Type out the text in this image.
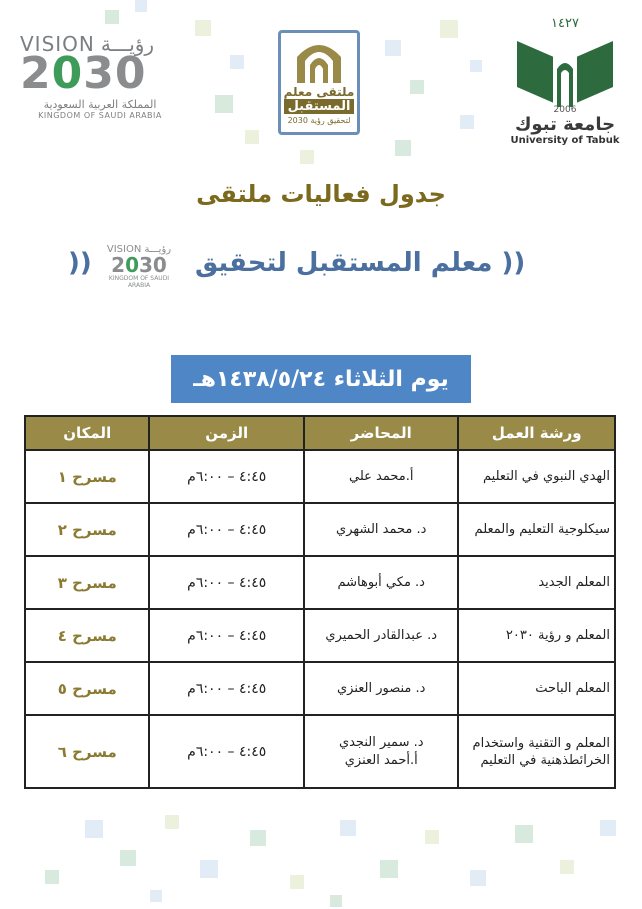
VISION رؤيـــة
2030
المملكة العربية السعودية
KINGDOM OF SAUDI ARABIA
ملتقى معلم
المستقبل
لتحقيق رؤية 2030
١٤٢٧
2006
جامعة تبوك
University of Tabuk
جدول فعاليات ملتقى
VISION رؤيـــة
2030
KINGDOM OF SAUDI ARABIA
(( معلم المستقبل لتحقيق
))
يوم الثلاثاء ١٤٣٨/٥/٢٤هـ
ورشة العمل	المحاضر	الزمن	المكان
الهدي النبوي في التعليم	أ.محمد علي	٤:٤٥ – ٦:٠٠م	مسرح ١
سيكلوجية التعليم والمعلم	د. محمد الشهري	٤:٤٥ – ٦:٠٠م	مسرح ٢
المعلم الجديد	د. مكي أبوهاشم	٤:٤٥ – ٦:٠٠م	مسرح ٣
المعلم و رؤية ٢٠٣٠	د. عبدالقادر الحميري	٤:٤٥ – ٦:٠٠م	مسرح ٤
المعلم الباحث	د. منصور العنزي	٤:٤٥ – ٦:٠٠م	مسرح ٥
المعلم و التقنية واستخدام الخرائطذهنية في التعليم	د. سمير النجدي
أ.أحمد العنزي	٤:٤٥ – ٦:٠٠م	مسرح ٦
